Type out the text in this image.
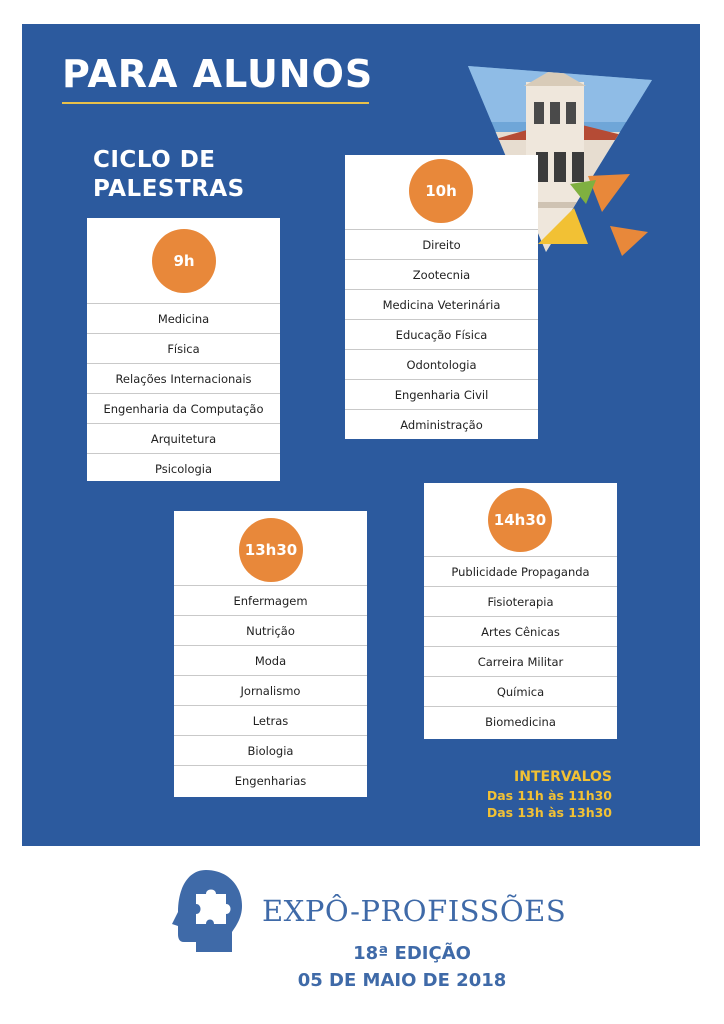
PARA ALUNOS
CICLO DE
PALESTRAS
9h
Medicina
Física
Relações Internacionais
Engenharia da Computação
Arquitetura
Psicologia
10h
Direito
Zootecnia
Medicina Veterinária
Educação Física
Odontologia
Engenharia Civil
Administração
13h30
Enfermagem
Nutrição
Moda
Jornalismo
Letras
Biologia
Engenharias
14h30
Publicidade Propaganda
Fisioterapia
Artes Cênicas
Carreira Militar
Química
Biomedicina
INTERVALOS
Das 11h às 11h30
Das 13h às 13h30
EXPÔ-PROFISSÕES
18ª EDIÇÃO
05 DE MAIO DE 2018
